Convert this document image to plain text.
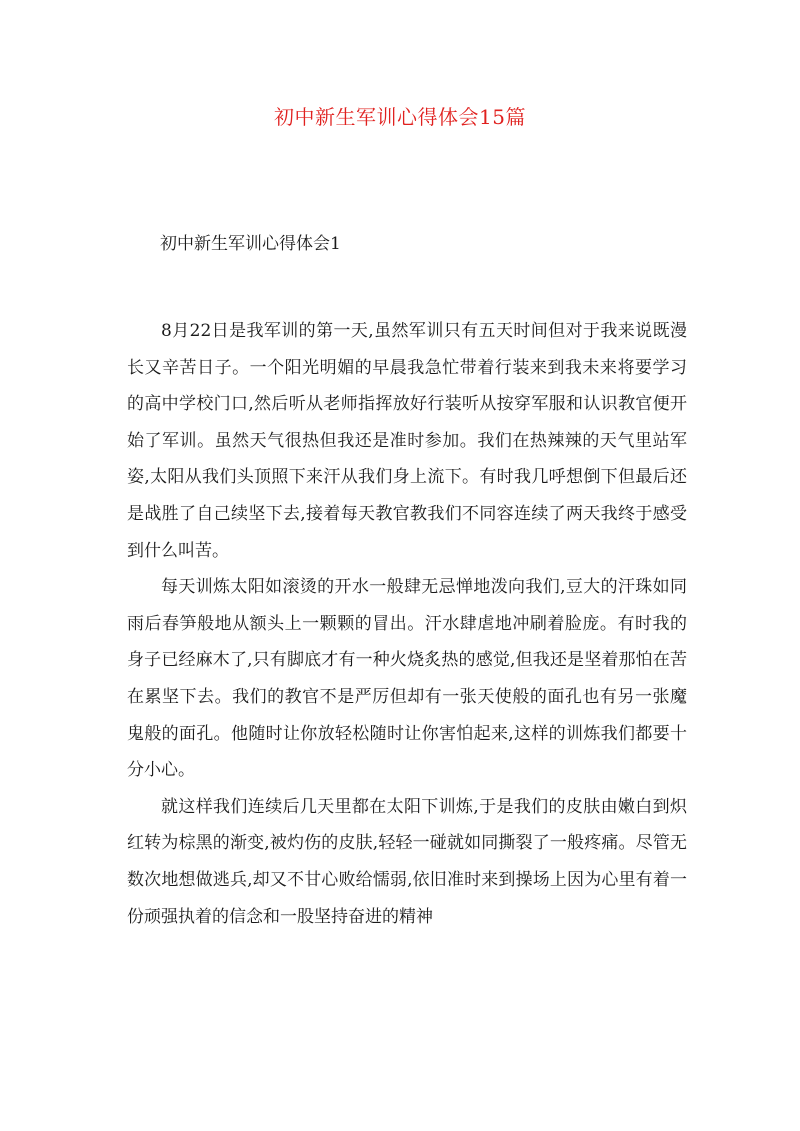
初中新生军训心得体会15篇
初中新生军训心得体会1

8月22日是我军训的第一天,虽然军训只有五天时间但对于我来说既漫长又辛苦日子。一个阳光明媚的早晨我急忙带着行装来到我未来将要学习的高中学校门口,然后听从老师指挥放好行装听从按穿军服和认识教官便开始了军训。虽然天气很热但我还是准时参加。我们在热辣辣的天气里站军姿,太阳从我们头顶照下来汗从我们身上流下。有时我几呼想倒下但最后还是战胜了自己续坚下去,接着每天教官教我们不同容连续了两天我终于感受到什么叫苦。

每天训炼太阳如滚烫的开水一般肆无忌惮地泼向我们,豆大的汗珠如同雨后春笋般地从额头上一颗颗的冒出。汗水肆虐地冲刷着脸庞。有时我的身子已经麻木了,只有脚底才有一种火烧炙热的感觉,但我还是坚着那怕在苦在累坚下去。我们的教官不是严厉但却有一张天使般的面孔也有另一张魔鬼般的面孔。他随时让你放轻松随时让你害怕起来,这样的训炼我们都要十分小心。

就这样我们连续后几天里都在太阳下训炼,于是我们的皮肤由嫩白到炽红转为棕黑的渐变,被灼伤的皮肤,轻轻一碰就如同撕裂了一般疼痛。尽管无数次地想做逃兵,却又不甘心败给懦弱,依旧准时来到操场上因为心里有着一份顽强执着的信念和一股坚持奋进的精神
